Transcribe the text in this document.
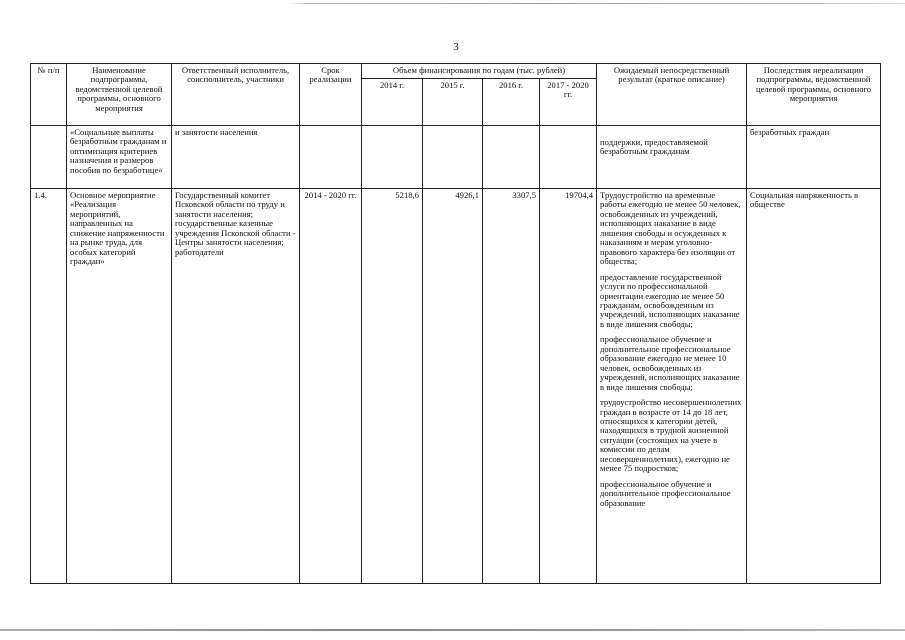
3
№ п/п	Наименование подпрограммы, ведомственной целевой программы, основного мероприятия	Ответственный исполнитель, соисполнитель, участники	Срок реализации	Объем финансирования по годам (тыс. рублей)				Ожидаемый непосредственный результат (краткое описание)	Последствия нереализации подпрограммы, ведомственной целевой программы, основного мероприятия
				2014 г.	2015 г.	2016 г.	2017 - 2020 гг.		
	«Социальные выплаты безработным гражданам и оптимизация критериев назначения и размеров пособия по безработице»	и занятости населения						поддержки, предоставляемой безработным гражданам	безработных граждан
1.4.	Основное мероприятие «Реализация мероприятий, направленных на снижение напряженности на рынке труда, для особых категорий граждан»	Государственный комитет Псковской области по труду и занятости населения; государственные казенные учреждения Псковской области - Центры занятости населения; работодатели	2014 - 2020 гг.	5218,6	4926,1	3307,5	19704,4	Трудоустройство на временные работы ежегодно не менее 50 человек, освобожденных из учреждений, исполняющих наказание в виде лишения свободы и осужденных к наказаниям и мерам уголовно-правового характера без изоляции от общества;

предоставление государственной услуги по профессиональной ориентации ежегодно не менее 50 гражданам, освобожденным из учреждений, исполняющих наказание в виде лишения свободы;

профессиональное обучение и дополнительное профессиональное образование ежегодно не менее 10 человек, освобожденных из учреждений, исполняющих наказание в виде лишения свободы;

трудоустройство несовершеннолетних граждан в возрасте от 14 до 18 лет, относящихся к категории детей, находящихся в трудной жизненной ситуации (состоящих на учете в комиссии по делам несовершеннолетних), ежегодно не менее 75 подростков;

профессиональное обучение и дополнительное профессиональное образование	Социальная напряженность в обществе
